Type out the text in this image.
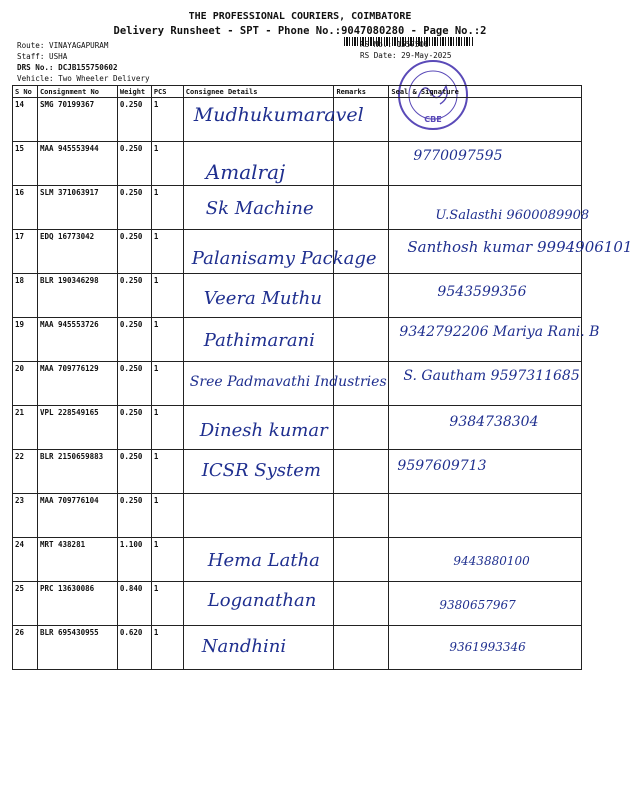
THE PROFESSIONAL COURIERS, COIMBATORE
Delivery Runsheet - SPT - Phone No.:9047080280 - Page No.:2
Route: VINAYAGAPURAM
Staff: USHA
DRS No.: DCJB155750602
Vehicle: Two Wheeler Delivery
RS No.: 1557506
RS Date: 29-May-2025
CBE
S No	Consignment No	Weight	PCS	Consignee Details	Remarks	Seal & Signature
14	SMG 70199367	0.250	1	Mudhukumaravel		

15	MAA 945553944	0.250	1	Amalraj		9770097595

16	SLM 371063917	0.250	1	Sk Machine		U.Salasthi 9600089908

17	EDQ 16773042	0.250	1	Palanisamy Package		Santhosh kumar 9994906101

18	BLR 190346298	0.250	1	Veera Muthu		9543599356

19	MAA 945553726	0.250	1	Pathimarani		9342792206 Mariya Rani. B

20	MAA 709776129	0.250	1	Sree Padmavathi Industries		S. Gautham 9597311685

21	VPL 228549165	0.250	1	Dinesh kumar		9384738304

22	BLR 2150659883	0.250	1	ICSR System		9597609713

23	MAA 709776104	0.250	1	

24	MRT 438281	1.100	1	Hema Latha		9443880100

25	PRC 13630086	0.840	1	Loganathan		9380657967

26	BLR 695430955	0.620	1	Nandhini		9361993346
